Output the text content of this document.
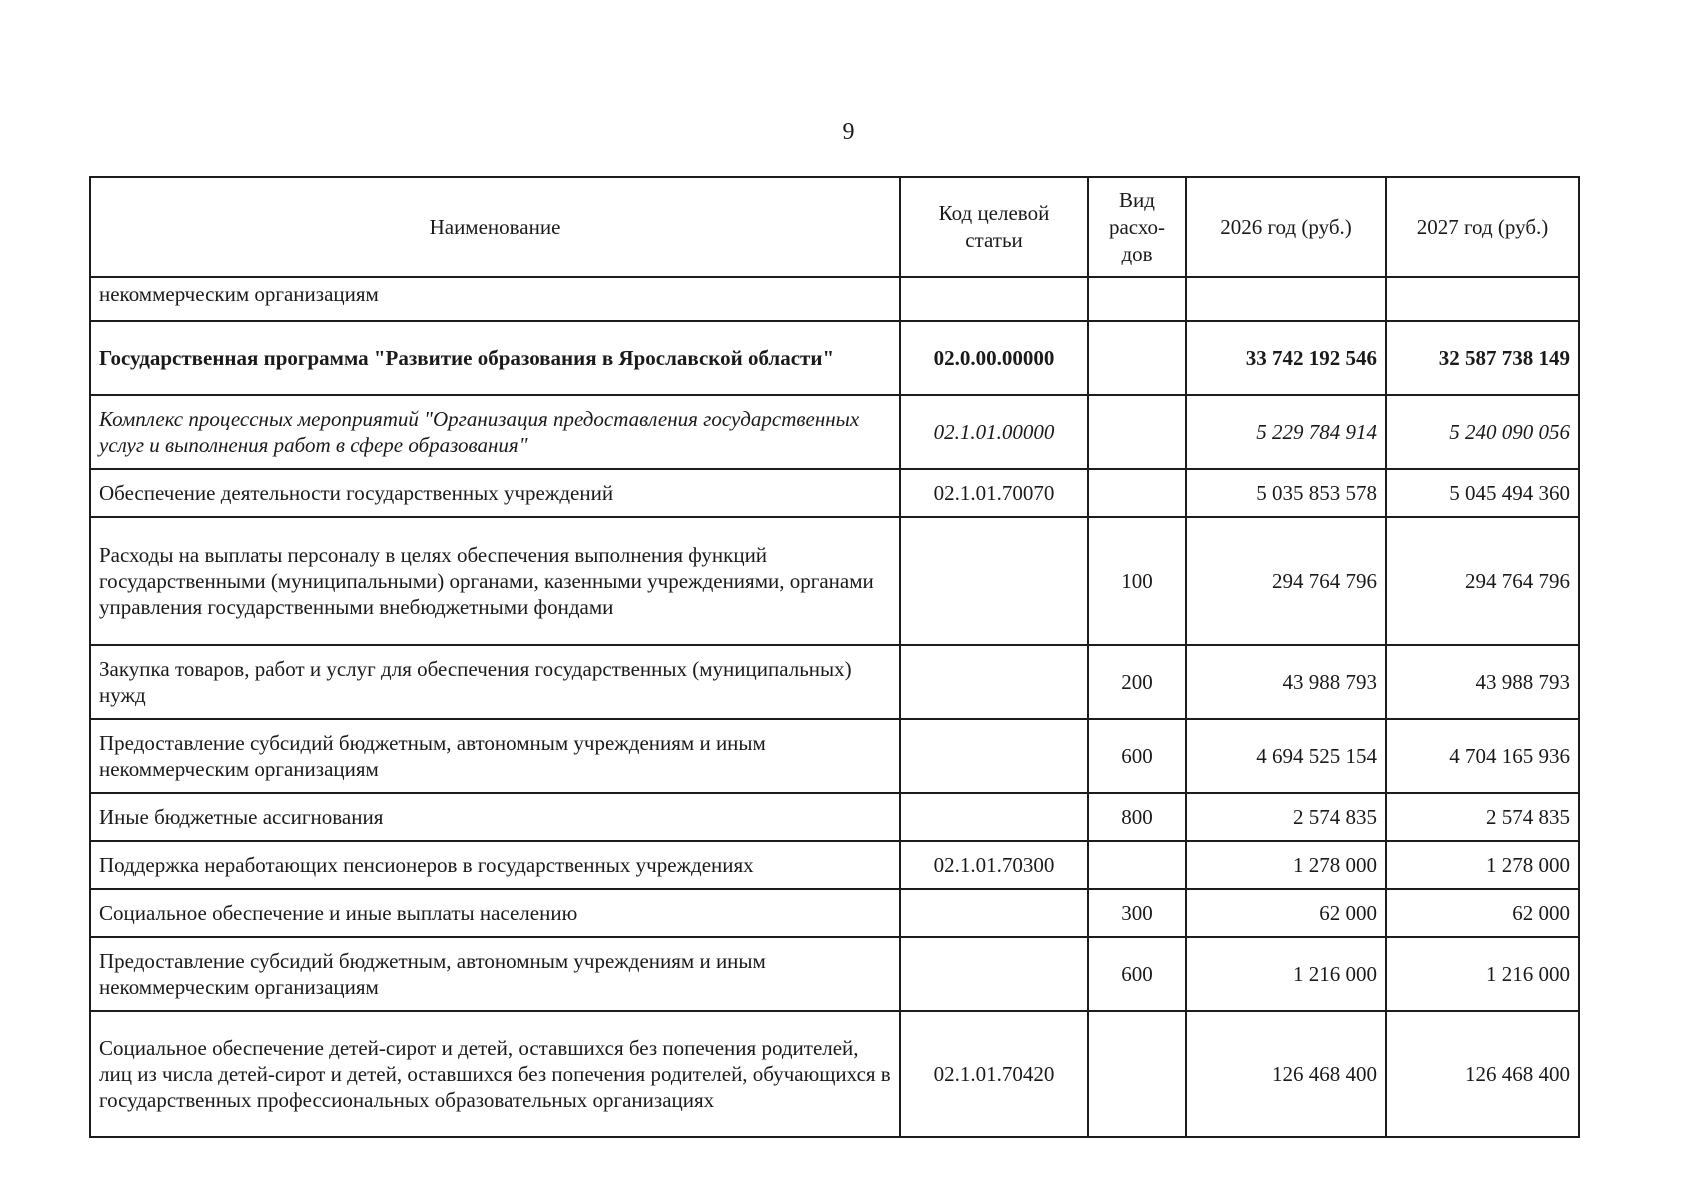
9
Наименование	Код целевой статьи	Вид расхо-дов	2026 год (руб.)	2027 год (руб.)
некоммерческим организациям				
Государственная программа "Развитие образования в Ярославской области"	02.0.00.00000		33 742 192 546	32 587 738 149
Комплекс процессных мероприятий "Организация предоставления государственных услуг и выполнения работ в сфере образования"	02.1.01.00000		5 229 784 914	5 240 090 056
Обеспечение деятельности государственных учреждений	02.1.01.70070		5 035 853 578	5 045 494 360
Расходы на выплаты персоналу в целях обеспечения выполнения функций государственными (муниципальными) органами, казенными учреждениями, органами управления государственными внебюджетными фондами		100	294 764 796	294 764 796
Закупка товаров, работ и услуг для обеспечения государственных (муниципальных) нужд		200	43 988 793	43 988 793
Предоставление субсидий бюджетным, автономным учреждениям и иным некоммерческим организациям		600	4 694 525 154	4 704 165 936
Иные бюджетные ассигнования		800	2 574 835	2 574 835
Поддержка неработающих пенсионеров в государственных учреждениях	02.1.01.70300		1 278 000	1 278 000
Социальное обеспечение и иные выплаты населению		300	62 000	62 000
Предоставление субсидий бюджетным, автономным учреждениям и иным некоммерческим организациям		600	1 216 000	1 216 000
Социальное обеспечение детей-сирот и детей, оставшихся без попечения родителей, лиц из числа детей-сирот и детей, оставшихся без попечения родителей, обучающихся в государственных профессиональных образовательных организациях	02.1.01.70420		126 468 400	126 468 400
